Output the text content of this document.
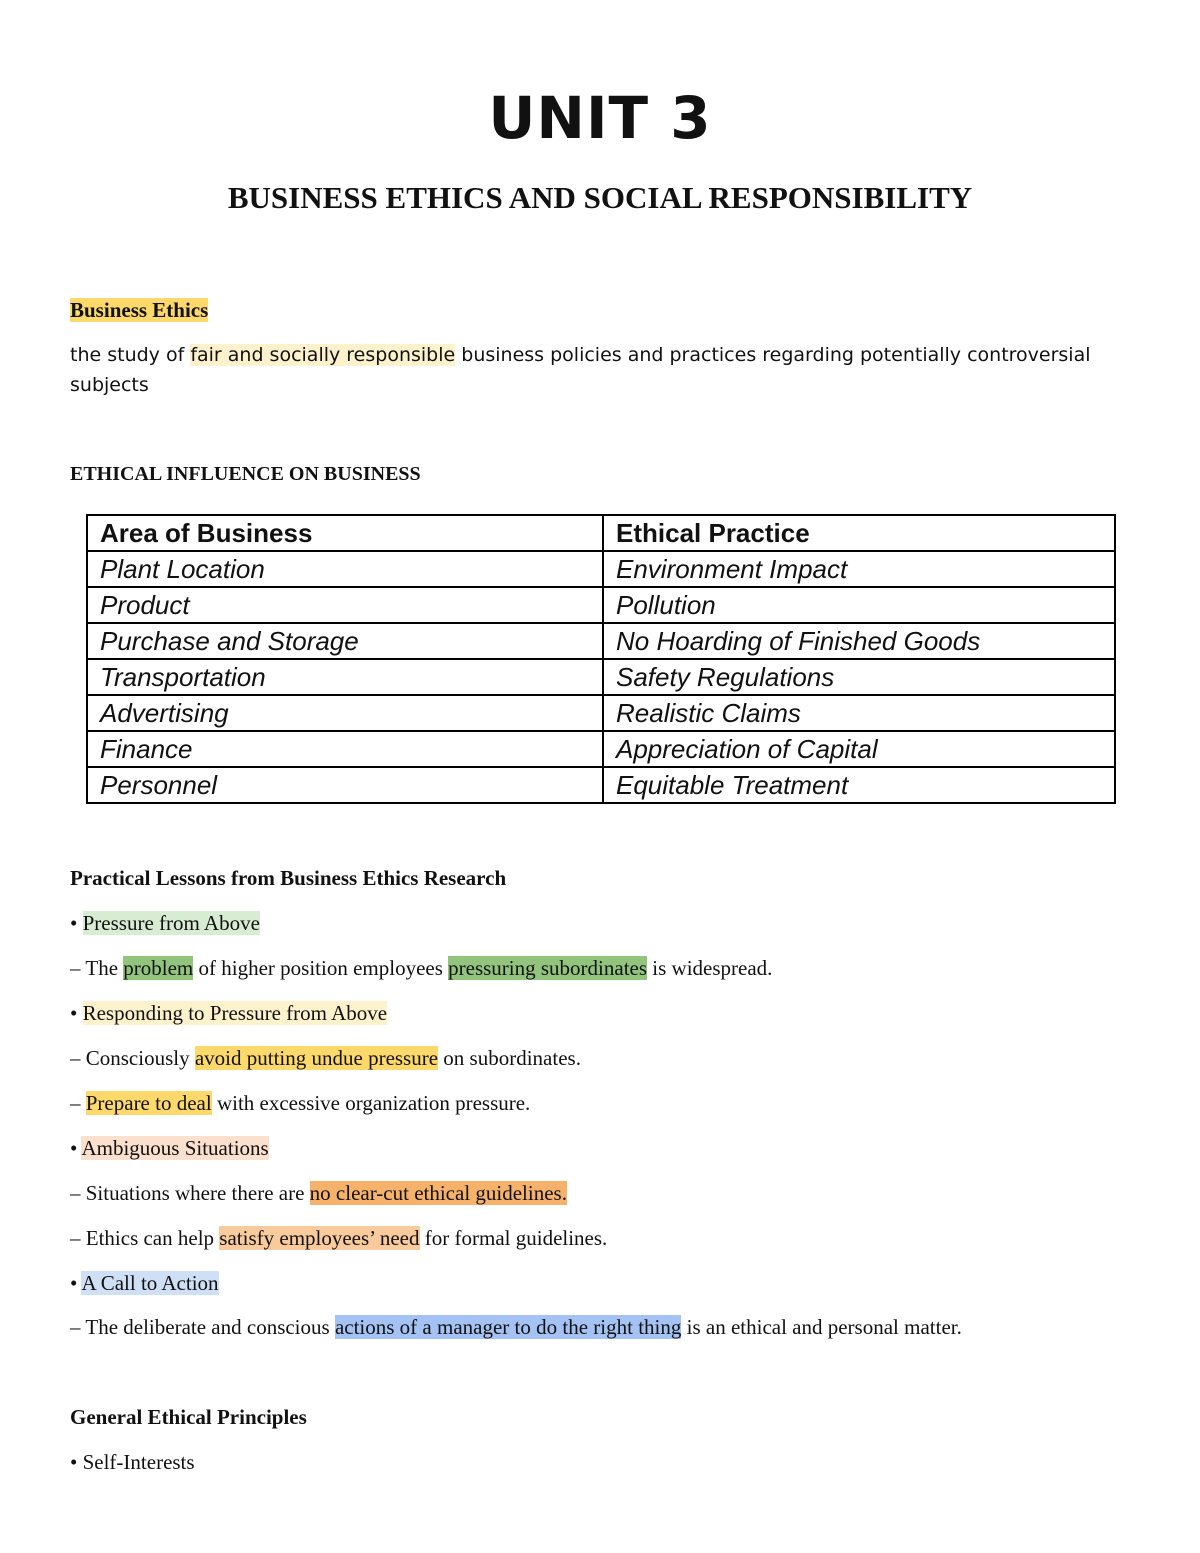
UNIT 3
BUSINESS ETHICS AND SOCIAL RESPONSIBILITY
Business Ethics
the study of fair and socially responsible business policies and practices regarding potentially controversial subjects
ETHICAL INFLUENCE ON BUSINESS
Area of Business	Ethical Practice
Plant Location	Environment Impact
Product	Pollution
Purchase and Storage	No Hoarding of Finished Goods
Transportation	Safety Regulations
Advertising	Realistic Claims
Finance	Appreciation of Capital
Personnel	Equitable Treatment
Practical Lessons from Business Ethics Research
• Pressure from Above
– The problem of higher position employees pressuring subordinates is widespread.
• Responding to Pressure from Above
– Consciously avoid putting undue pressure on subordinates.
– Prepare to deal with excessive organization pressure.
• Ambiguous Situations
– Situations where there are no clear-cut ethical guidelines.
– Ethics can help satisfy employees’ need for formal guidelines.
• A Call to Action
– The deliberate and conscious actions of a manager to do the right thing is an ethical and personal matter.
General Ethical Principles
• Self-Interests
